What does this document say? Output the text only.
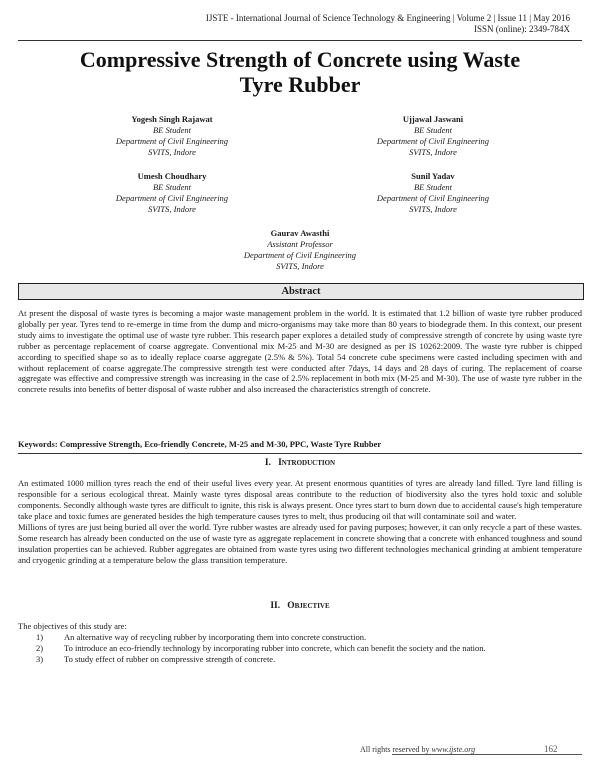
IJSTE - International Journal of Science Technology & Engineering | Volume 2 | Issue 11 | May 2016
ISSN (online): 2349-784X
Compressive Strength of Concrete using Waste
Tyre Rubber
Yogesh Singh Rajawat
BE Student
Department of Civil Engineering
SVITS, Indore
Ujjawal Jaswani
BE Student
Department of Civil Engineering
SVITS, Indore
Umesh Choudhary
BE Student
Department of Civil Engineering
SVITS, Indore
Sunil Yadav
BE Student
Department of Civil Engineering
SVITS, Indore
Gaurav Awasthi
Assistant Professor
Department of Civil Engineering
SVITS, Indore
Abstract

At present the disposal of waste tyres is becoming a major waste management problem in the world. It is estimated that 1.2 billion of waste tyre rubber produced globally per year. Tyres tend to re-emerge in time from the dump and micro-organisms may take more than 80 years to biodegrade them. In this context, our present study aims to investigate the optimal use of waste tyre rubber. This research paper explores a detailed study of compressive strength of concrete by using waste tyre rubber as percentage replacement of coarse aggregate. Conventional mix M-25 and M-30 are designed as per IS 10262:2009. The waste tyre rubber is chipped according to specified shape so as to ideally replace coarse aggregate (2.5% & 5%). Total 54 concrete cube specimens were casted including specimen with and without replacement of coarse aggregate.The compressive strength test were conducted after 7days, 14 days and 28 days of curing. The replacement of coarse aggregate was effective and compressive strength was increasing in the case of 2.5% replacement in both mix (M-25 and M-30). The use of waste tyre rubber in the concrete results into benefits of better disposal of waste rubber and also increased the characteristics strength of concrete.

Keywords: Compressive Strength, Eco-friendly Concrete, M-25 and M-30, PPC, Waste Tyre Rubber
I. Introduction

An estimated 1000 million tyres reach the end of their useful lives every year. At present enormous quantities of tyres are already land filled. Tyre land filling is responsible for a serious ecological threat. Mainly waste tyres disposal areas contribute to the reduction of biodiversity also the tyres hold toxic and soluble components. Secondly although waste tyres are difficult to ignite, this risk is always present. Once tyres start to burn down due to accidental cause's high temperature take place and toxic fumes are generated besides the high temperature causes tyres to melt, thus producing oil that will contaminate soil and water.

Millions of tyres are just being buried all over the world. Tyre rubber wastes are already used for paving purposes; however, it can only recycle a part of these wastes. Some research has already been conducted on the use of waste tyre as aggregate replacement in concrete showing that a concrete with enhanced toughness and sound insulation properties can be achieved. Rubber aggregates are obtained from waste tyres using two different technologies mechanical grinding at ambient temperature and cryogenic grinding at a temperature below the glass transition temperature.

II. Objective

The objectives of this study are:

1) An alternative way of recycling rubber by incorporating them into concrete construction.
2) To introduce an eco-friendly technology by incorporating rubber into concrete, which can benefit the society and the nation.
3) To study effect of rubber on compressive strength of concrete.
All rights reserved by www.ijste.org	162
